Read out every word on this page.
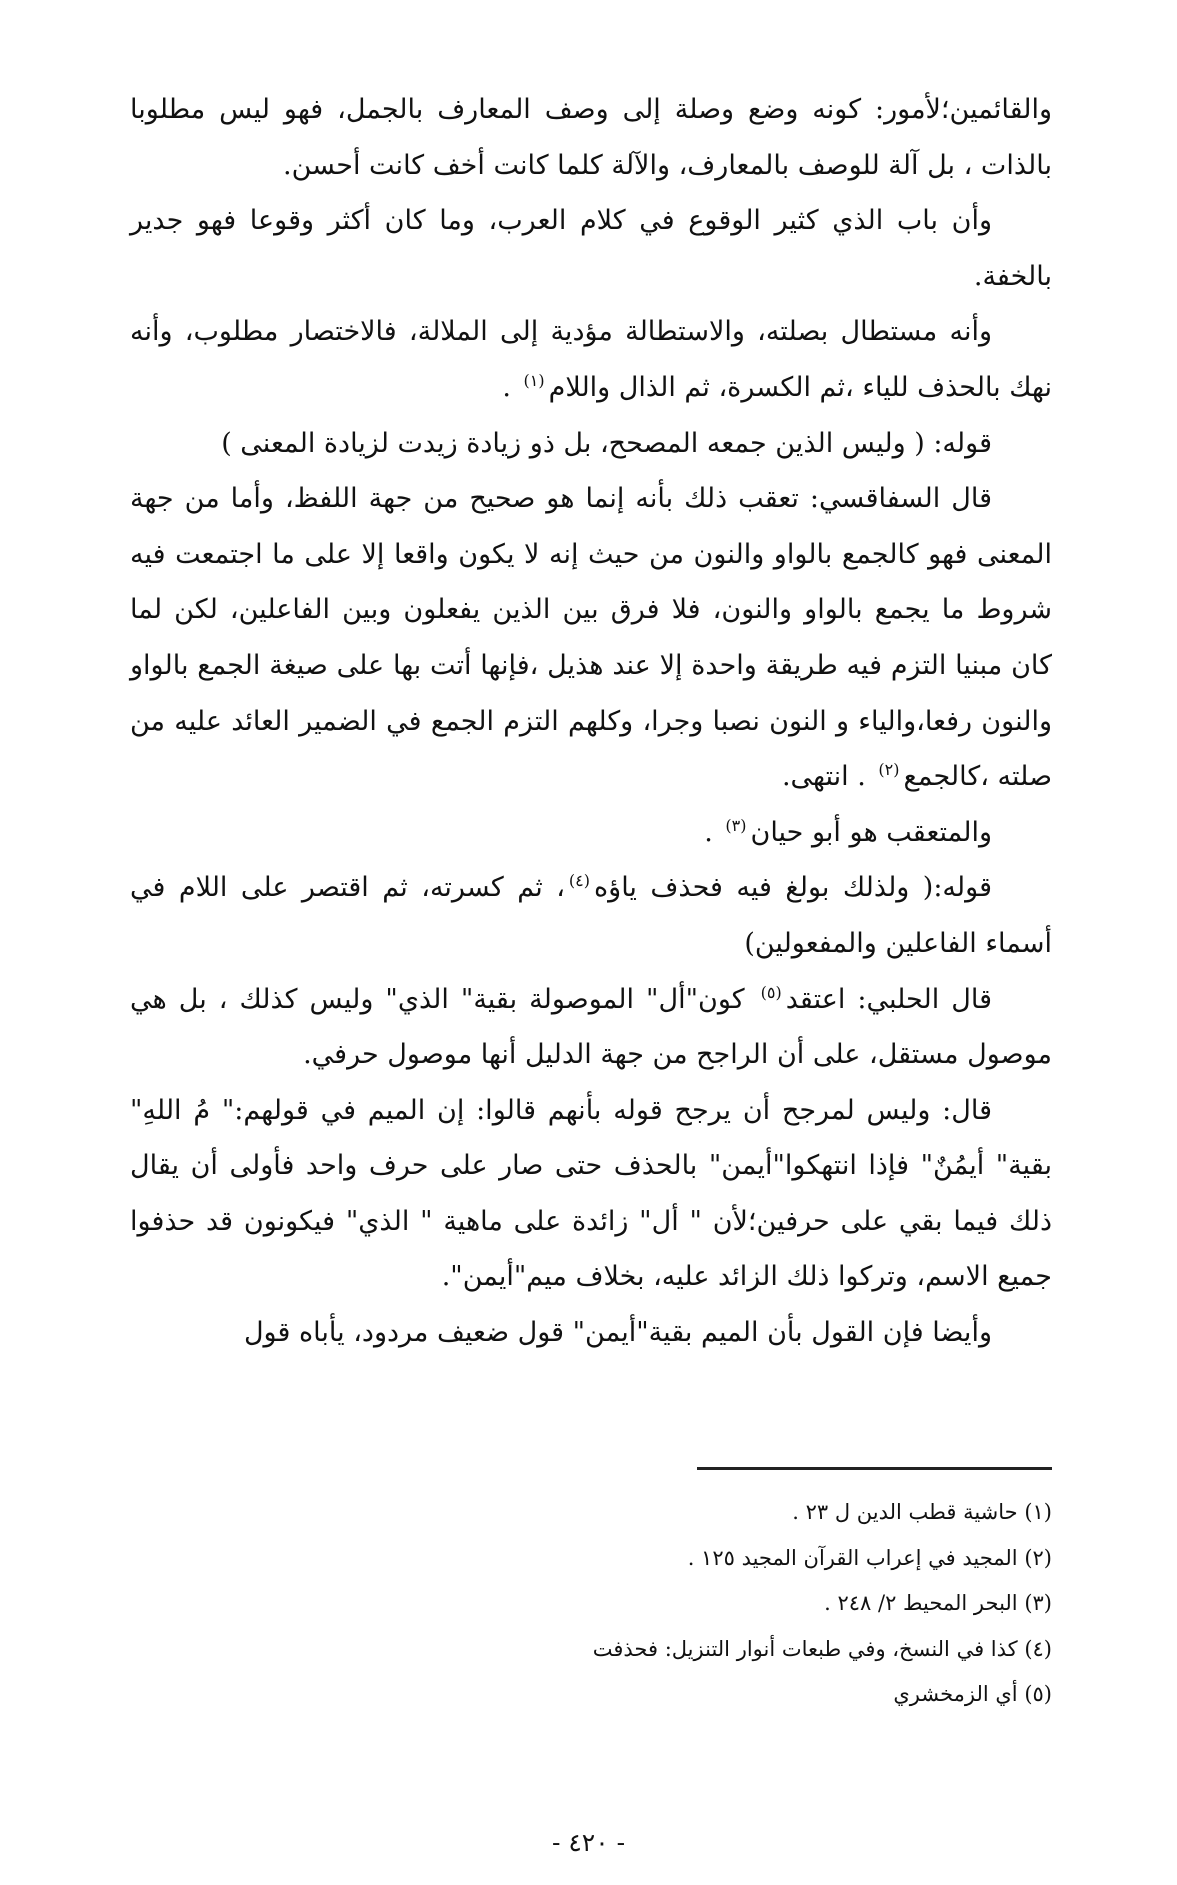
والقائمين؛لأمور: كونه وضع وصلة إلى وصف المعارف بالجمل، فهو ليس مطلوبا بالذات ، بل آلة للوصف بالمعارف، والآلة كلما كانت أخف كانت أحسن.

وأن باب الذي كثير الوقوع في كلام العرب، وما كان أكثر وقوعا فهو جدير بالخفة.

وأنه مستطال بصلته، والاستطالة مؤدية إلى الملالة، فالاختصار مطلوب، وأنه نهك بالحذف للياء ،ثم الكسرة، ثم الذال واللام$^{(١)}$ .

قوله: ( وليس الذين جمعه المصحح، بل ذو زيادة زيدت لزيادة المعنى )

قال السفاقسي: تعقب ذلك بأنه إنما هو صحيح من جهة اللفظ، وأما من جهة المعنى فهو كالجمع بالواو والنون من حيث إنه لا يكون واقعا إلا على ما اجتمعت فيه شروط ما يجمع بالواو والنون، فلا فرق بين الذين يفعلون وبين الفاعلين، لكن لما كان مبنيا التزم فيه طريقة واحدة إلا عند هذيل ،فإنها أتت بها على صيغة الجمع بالواو والنون رفعا،والياء و النون نصبا وجرا، وكلهم التزم الجمع في الضمير العائد عليه من صلته ،كالجمع$^{(٢)}$ . انتهى.

والمتعقب هو أبو حيان$^{(٣)}$ .

قوله:( ولذلك بولغ فيه فحذف ياؤه$^{(٤)}$، ثم كسرته، ثم اقتصر على اللام في أسماء الفاعلين والمفعولين)

قال الحلبي: اعتقد$^{(٥)}$ كون"أل" الموصولة بقية" الذي" وليس كذلك ، بل هي موصول مستقل، على أن الراجح من جهة الدليل أنها موصول حرفي.

قال: وليس لمرجح أن يرجح قوله بأنهم قالوا: إن الميم في قولهم:" مُ اللهِ" بقية" أيمُنٌ" فإذا انتهكوا"أيمن" بالحذف حتى صار على حرف واحد فأولى أن يقال ذلك فيما بقي على حرفين؛لأن " أل" زائدة على ماهية " الذي" فيكونون قد حذفوا جميع الاسم، وتركوا ذلك الزائد عليه، بخلاف ميم"أيمن".

وأيضا فإن القول بأن الميم بقية"أيمن" قول ضعيف مردود، يأباه قول

(١) حاشية قطب الدين ل ٢٣ .

(٢) المجيد في إعراب القرآن المجيد ١٢٥ .

(٣) البحر المحيط ٢/ ٢٤٨ .

(٤) كذا في النسخ، وفي طبعات أنوار التنزيل: فحذفت

(٥) أي الزمخشري

- ٤٢٠ -
